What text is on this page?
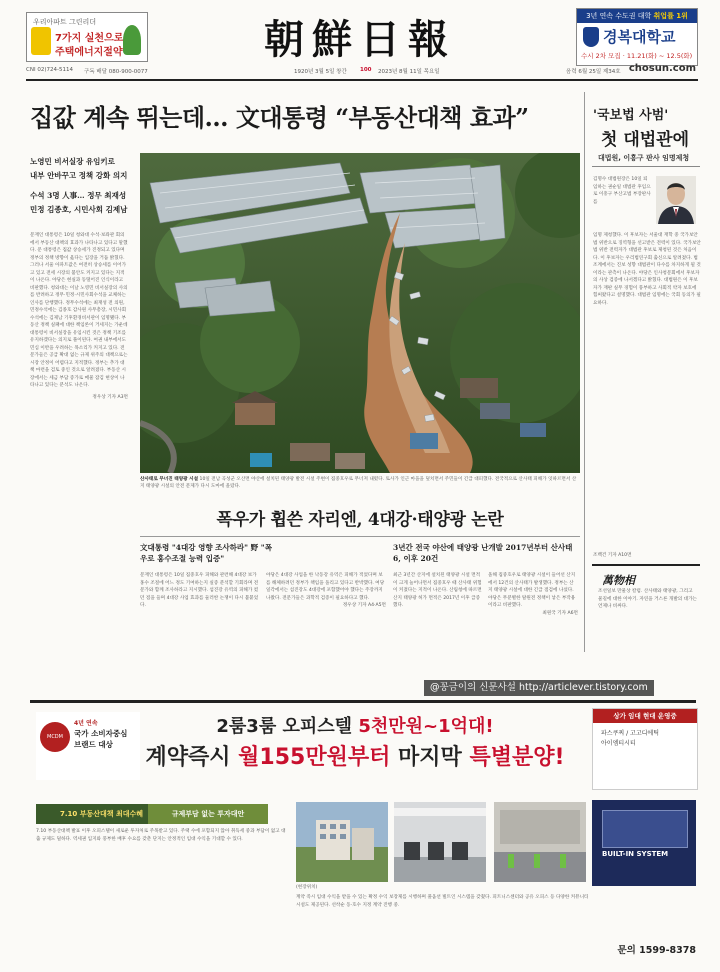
우리아파트 그린리더
7가지 실천으로
주택에너지절약	朝鮮日報	3년 연속 수도권 대학 취업률 1위
경복대학교
수시 2차 모집 · 11.21(화) ~ 12.5(화)
CNI 02)724-5114 구독 배달 080-900-0077	1920년 3월 5일 창간 100 2023년 8월 11일 목요일	음력 6월 25일 제34호 chosun.com
집값 계속 뛰는데… 文대통령 “부동산대책 효과”

노영민 비서실장 유임키로

내부 안바꾸고 정책 강화 의지

수석 3명 人事… 정무 최재성

민정 김종호, 시민사회 김제남

문재인 대통령은 10일 청와대 수석·보좌관 회의에서 부동산 대책의 효과가 나타나고 있다고 말했다. 문 대통령은 집값 상승세가 진정되고 있다며 정부의 정책 방향이 옳다는 입장을 거듭 밝혔다. 그러나 서울 아파트값은 여전히 상승세를 이어가고 있고 전세 시장의 불안도 커지고 있다는 지적이 나온다. 야당은 현실과 동떨어진 인식이라고 비판했다. 청와대는 이날 노영민 비서실장의 사의를 반려하고 정무·민정·시민사회수석을 교체하는 인사를 단행했다. 정무수석에는 최재성 전 의원, 민정수석에는 김종호 감사원 사무총장, 시민사회수석에는 김제남 기후환경비서관이 임명됐다. 부동산 정책 실패에 대한 책임론이 거세지는 가운데 대통령이 비서실장을 유임시킨 것은 정책 기조를 유지하겠다는 의지로 풀이된다. 여권 내부에서도 민심 이반을 우려하는 목소리가 커지고 있다. 전문가들은 공급 확대 없는 규제 위주의 대책으로는 시장 안정이 어렵다고 지적했다. 정부는 추가 대책 마련을 검토 중인 것으로 알려졌다. 부동산 시장에서는 세금 부담 증가로 매물 잠김 현상이 나타나고 있다는 분석도 나온다.
정우상 기자 A3면
산사태로 무너진 태양광 시설 10일 전남 곡성군 오산면 야산에 설치된 태양광 발전 시설 주변이 집중호우로 무너져 내렸다. 토사가 인근 마을을 덮치면서 주민들이 긴급 대피했다. 전국적으로 산사태 피해가 잇따르면서 산지 태양광 시설의 안전 문제가 다시 도마에 올랐다.
폭우가 휩쓴 자리엔, 4대강·태양광 논란
文대통령 "4대강 영향 조사하라" 野 "폭우로 홍수조절 능력 입증"
3년간 전국 야산에 태양광 난개발 2017년부터 산사태 6, 이후 20건
문재인 대통령은 10일 집중호우 피해와 관련해 4대강 보가 홍수 조절에 어느 정도 기여하는지 실증 분석할 기회라며 전문가와 함께 조사하라고 지시했다. 섬진강 유역의 피해가 컸던 점을 들며 4대강 사업 효과를 둘러싼 논쟁이 다시 불붙었다.
야당은 4대강 사업을 한 낙동강 유역은 피해가 적었다며 보를 해체하려던 정부가 책임을 돌리고 있다고 반박했다. 여당 일각에서는 섬진강도 4대강에 포함했어야 했다는 주장까지 나왔다. 전문가들은 과학적 검증이 필요하다고 했다.
정우상 기자 A4·A5면
최근 3년간 산지에 설치된 태양광 시설 면적이 크게 늘어나면서 집중호우 때 산사태 위험이 커졌다는 지적이 나온다. 산림청에 따르면 산지 태양광 허가 면적은 2017년 이후 급증했다.
올해 집중호우로 태양광 시설이 들어선 산지에서 12건의 산사태가 발생했다. 정부는 산지 태양광 시설에 대한 긴급 점검에 나섰다. 야당은 무분별한 탈원전 정책이 낳은 부작용이라고 비판했다.
최원국 기자 A6면
'국보법 사범'
첫 대법관에
대법원, 이흥구 판사 임명제청
김명수 대법원장은 10일 퇴임하는 권순일 대법관 후임으로 이흥구 부산고법 부장판사를
임명 제청했다. 이 후보자는 서울대 재학 중 국가보안법 위반으로 징역형을 선고받은 전력이 있다. 국가보안법 위반 전력자가 대법관 후보로 제청된 것은 처음이다. 이 후보자는 우리법연구회 출신으로 알려졌다. 법조계에서는 진보 성향 대법관이 다수를 차지하게 될 것이라는 관측이 나온다. 야당은 인사청문회에서 후보자의 사상 검증에 나서겠다고 밝혔다. 대법원은 이 후보자가 재판 실무 경험이 풍부하고 사회적 약자 보호에 힘써왔다고 설명했다. 대법관 임명에는 국회 동의가 필요하다.
조백건 기자 A10면
萬物相
조선일보 만물상 칼럼. 산사태와 태양광, 그리고 물길에 대한 이야기. 자연을 거스른 개발의 대가는 언제나 비싸다.
@꽁금이의 신문사설 http://articlever.tistory.com
MCDM
4년 연속
국가 소비자중심
브랜드 대상
2룸3룸 오피스텔 5천만원~1억대!
계약즉시 월155만원부터 마지막 특별분양!
상가 임대 현대 운영중
파스쿠찌 / 고고디에틱
아이엠티시티
7.10 부동산대책 최대수혜	규제부담 없는 투자대안
7.10 부동산대책 발표 이후 오피스텔이 새로운 투자처로 주목받고 있다. 주택 수에 포함되지 않아 취득세 중과 부담이 없고 대출 규제도 덜하다. 역세권 입지와 풍부한 배후 수요를 갖춘 단지는 안정적인 임대 수익을 기대할 수 있다.
(현장위치)
BUILT-IN SYSTEM
계약 즉시 임대 수익을 받을 수 있는 확정 수익 보장제를 시행하며 풀옵션 빌트인 시스템을 갖췄다. 피트니스센터와 공유 오피스 등 다양한 커뮤니티 시설도 제공된다. 선착순 동·호수 지정 계약 진행 중.
문의 1599-8378
